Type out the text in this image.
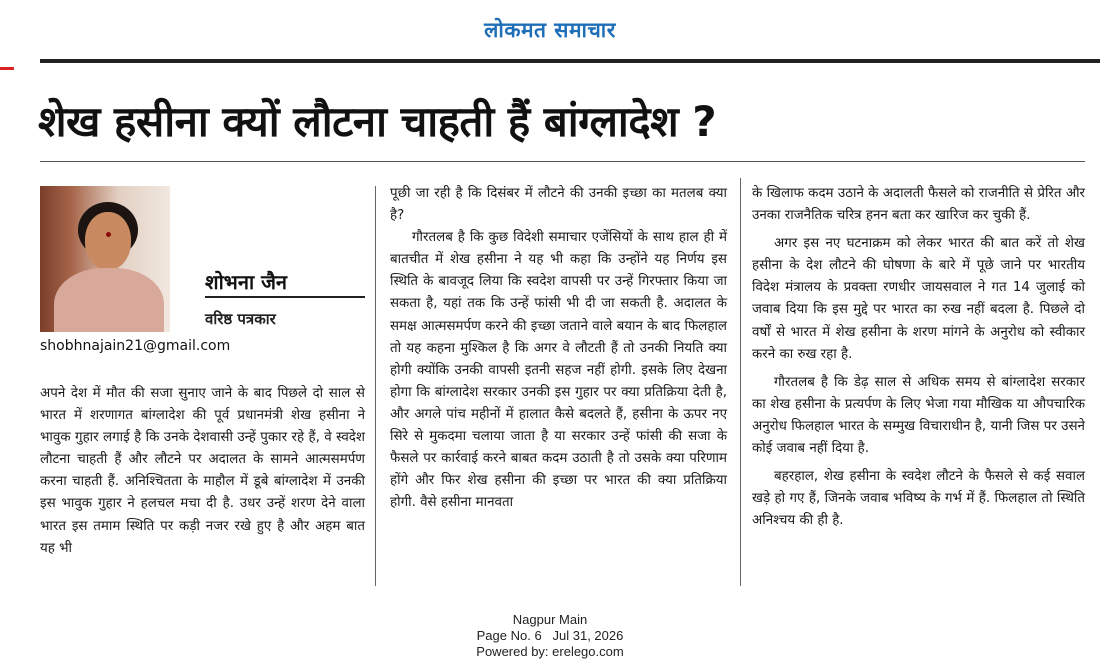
लोकमत समाचार
शेख हसीना क्यों लौटना चाहती हैं बांग्लादेश ?
शोभना जैन
वरिष्ठ पत्रकार
shobhnajain21@gmail.com

अपने देश में मौत की सजा सुनाए जाने के बाद पिछले दो साल से भारत में शरणागत बांग्लादेश की पूर्व प्रधानमंत्री शेख हसीना ने भावुक गुहार लगाई है कि उनके देशवासी उन्हें पुकार रहे हैं, वे स्वदेश लौटना चाहती हैं और लौटने पर अदालत के सामने आत्मसमर्पण करना चाहती हैं. अनिश्चितता के माहौल में डूबे बांग्लादेश में उनकी इस भावुक गुहार ने हलचल मचा दी है. उधर उन्हें शरण देने वाला भारत इस तमाम स्थिति पर कड़ी नजर रखे हुए है और अहम बात यह भी

पूछी जा रही है कि दिसंबर में लौटने की उनकी इच्छा का मतलब क्या है?

गौरतलब है कि कुछ विदेशी समाचार एजेंसियों के साथ हाल ही में बातचीत में शेख हसीना ने यह भी कहा कि उन्होंने यह निर्णय इस स्थिति के बावजूद लिया कि स्वदेश वापसी पर उन्हें गिरफ्तार किया जा सकता है, यहां तक कि उन्हें फांसी भी दी जा सकती है. अदालत के समक्ष आत्मसमर्पण करने की इच्छा जताने वाले बयान के बाद फिलहाल तो यह कहना मुश्किल है कि अगर वे लौटती हैं तो उनकी नियति क्या होगी क्योंकि उनकी वापसी इतनी सहज नहीं होगी. इसके लिए देखना होगा कि बांग्लादेश सरकार उनकी इस गुहार पर क्या प्रतिक्रिया देती है, और अगले पांच महीनों में हालात कैसे बदलते हैं, हसीना के ऊपर नए सिरे से मुकदमा चलाया जाता है या सरकार उन्हें फांसी की सजा के फैसले पर कार्रवाई करने बाबत कदम उठाती है तो उसके क्या परिणाम होंगे और फिर शेख हसीना की इच्छा पर भारत की क्या प्रतिक्रिया होगी. वैसे हसीना मानवता

के खिलाफ कदम उठाने के अदालती फैसले को राजनीति से प्रेरित और उनका राजनैतिक चरित्र हनन बता कर खारिज कर चुकी हैं.

अगर इस नए घटनाक्रम को लेकर भारत की बात करें तो शेख हसीना के देश लौटने की घोषणा के बारे में पूछे जाने पर भारतीय विदेश मंत्रालय के प्रवक्ता रणधीर जायसवाल ने गत 14 जुलाई को जवाब दिया कि इस मुद्दे पर भारत का रुख नहीं बदला है. पिछले दो वर्षों से भारत में शेख हसीना के शरण मांगने के अनुरोध को स्वीकार करने का रुख रहा है.

गौरतलब है कि डेढ़ साल से अधिक समय से बांग्लादेश सरकार का शेख हसीना के प्रत्यर्पण के लिए भेजा गया मौखिक या औपचारिक अनुरोध फिलहाल भारत के सम्मुख विचाराधीन है, यानी जिस पर उसने कोई जवाब नहीं दिया है.

बहरहाल, शेख हसीना के स्वदेश लौटने के फैसले से कई सवाल खड़े हो गए हैं, जिनके जवाब भविष्य के गर्भ में हैं. फिलहाल तो स्थिति अनिश्चय की ही है.

Nagpur Main
Page No. 6   Jul 31, 2026
Powered by: erelego.com
